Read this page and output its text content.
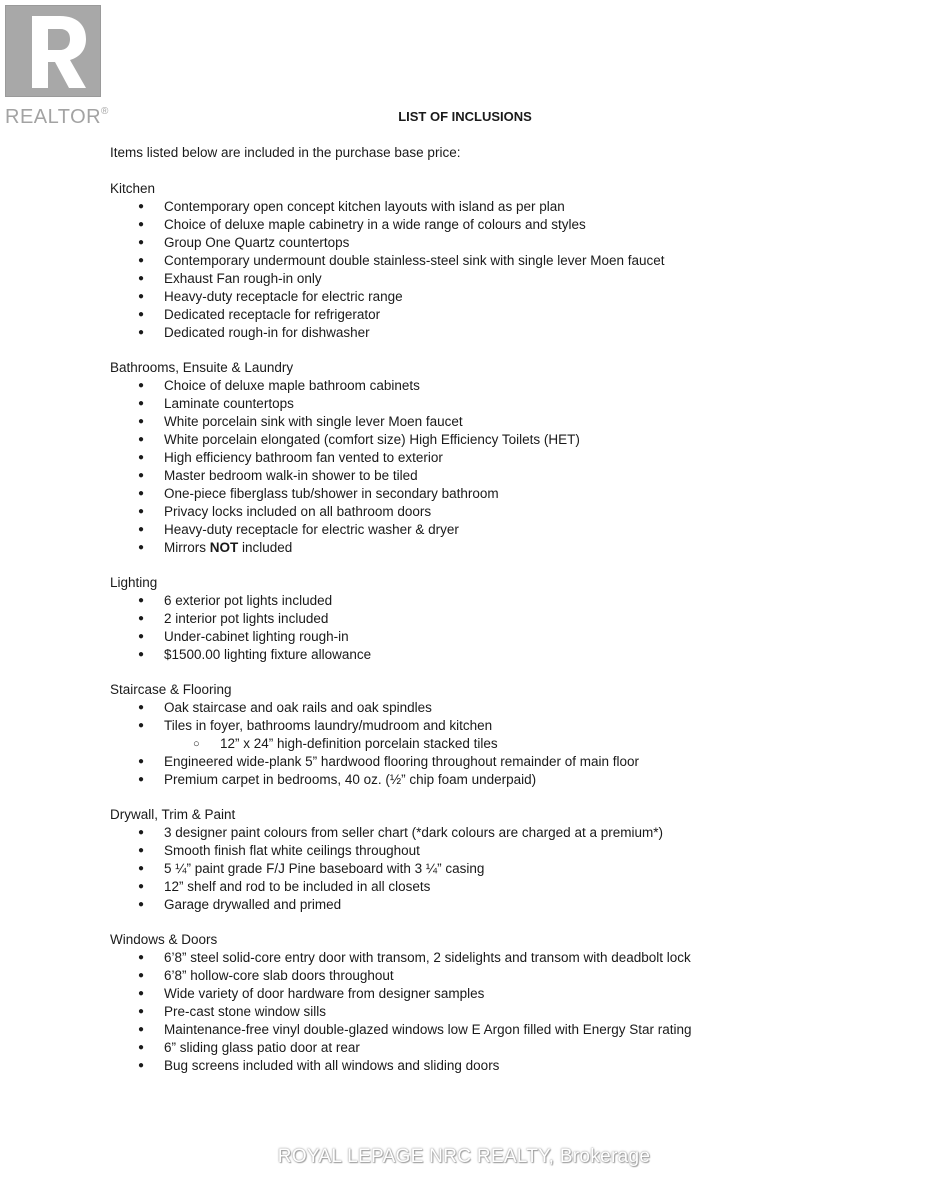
REALTOR ®	LIST OF INCLUSIONS
Items listed below are included in the purchase base price:
Kitchen
● Contemporary open concept kitchen layouts with island as per plan
● Choice of deluxe maple cabinetry in a wide range of colours and styles
● Group One Quartz countertops
● Contemporary undermount double stainless-steel sink with single lever Moen faucet
● Exhaust Fan rough-in only
● Heavy-duty receptacle for electric range
● Dedicated receptacle for refrigerator
● Dedicated rough-in for dishwasher
Bathrooms, Ensuite & Laundry
● Choice of deluxe maple bathroom cabinets
● Laminate countertops
● White porcelain sink with single lever Moen faucet
● White porcelain elongated (comfort size) High Efficiency Toilets (HET)
● High efficiency bathroom fan vented to exterior
● Master bedroom walk-in shower to be tiled
● One-piece fiberglass tub/shower in secondary bathroom
● Privacy locks included on all bathroom doors
● Heavy-duty receptacle for electric washer & dryer
● Mirrors NOT included
Lighting
● 6 exterior pot lights included
● 2 interior pot lights included
● Under-cabinet lighting rough-in
● $1500.00 lighting fixture allowance
Staircase & Flooring
● Oak staircase and oak rails and oak spindles
● Tiles in foyer, bathrooms laundry/mudroom and kitchen
○ 12” x 24” high-definition porcelain stacked tiles
● Engineered wide-plank 5” hardwood flooring throughout remainder of main floor
● Premium carpet in bedrooms, 40 oz. (½” chip foam underpaid)
Drywall, Trim & Paint
● 3 designer paint colours from seller chart (*dark colours are charged at a premium*)
● Smooth finish flat white ceilings throughout
● 5 ¼” paint grade F/J Pine baseboard with 3 ¼” casing
● 12” shelf and rod to be included in all closets
● Garage drywalled and primed
Windows & Doors
● 6’8” steel solid-core entry door with transom, 2 sidelights and transom with deadbolt lock
● 6’8” hollow-core slab doors throughout
● Wide variety of door hardware from designer samples
● Pre-cast stone window sills
● Maintenance-free vinyl double-glazed windows low E Argon filled with Energy Star rating
● 6” sliding glass patio door at rear
● Bug screens included with all windows and sliding doors
ROYAL LEPAGE NRC REALTY, Brokerage
